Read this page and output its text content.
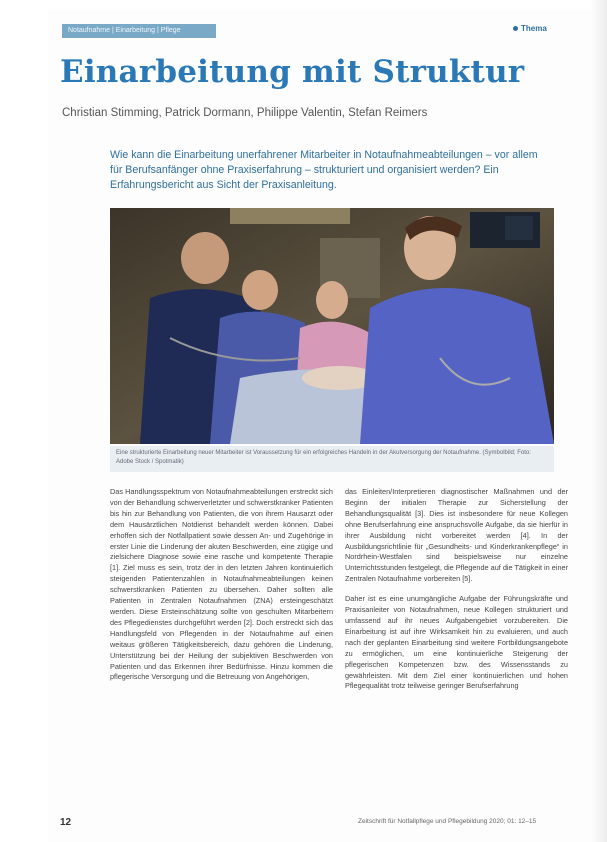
Notaufnahme | Einarbeitung | Pflege	Thema
Einarbeitung mit Struktur
Christian Stimming, Patrick Dormann, Philippe Valentin, Stefan Reimers
Wie kann die Einarbeitung unerfahrener Mitarbeiter in Notaufnahmeabteilungen – vor allem für Berufsanfänger ohne Praxiserfahrung – strukturiert und organisiert werden? Ein Erfahrungsbericht aus Sicht der Praxisanleitung.
Eine strukturierte Einarbeitung neuer Mitarbeiter ist Voraussetzung für ein erfolgreiches Handeln in der Akutversorgung der Notaufnahme. (Symbolbild; Foto: Adobe Stock / Spotmatik)

Das Handlungsspektrum von Notaufnahmeabteilungen erstreckt sich von der Behandlung schwerverletzter und schwerstkranker Patienten bis hin zur Behandlung von Patienten, die von ihrem Hausarzt oder dem Hausärztlichen Notdienst behandelt werden können. Dabei erhoffen sich der Notfallpatient sowie dessen An- und Zugehörige in erster Linie die Linderung der akuten Beschwerden, eine zügige und zielsichere Diagnose sowie eine rasche und kompetente Therapie [1]. Ziel muss es sein, trotz der in den letzten Jahren kontinuierlich steigenden Patientenzahlen in Notaufnahmeabteilungen keinen schwerstkranken Patienten zu übersehen. Daher sollten alle Patienten in Zentralen Notaufnahmen (ZNA) ersteingeschätzt werden. Diese Ersteinschätzung sollte von geschulten Mitarbeitern des Pflegedienstes durchgeführt werden [2]. Doch erstreckt sich das Handlungsfeld von Pflegenden in der Notaufnahme auf einen weitaus größeren Tätigkeitsbereich, dazu gehören die Linderung, Unterstützung bei der Heilung der subjektiven Beschwerden von Patienten und das Erkennen ihrer Bedürfnisse. Hinzu kommen die pflegerische Versorgung und die Betreuung von Angehörigen,

das Einleiten/Interpretieren diagnostischer Maßnahmen und der Beginn der initialen Therapie zur Sicherstellung der Behandlungsqualität [3]. Dies ist insbesondere für neue Kollegen ohne Berufserfahrung eine anspruchsvolle Aufgabe, da sie hierfür in ihrer Ausbildung nicht vorbereitet werden [4]. In der Ausbildungsrichtlinie für „Gesundheits- und Kinderkrankenpflege“ in Nordrhein-Westfalen sind beispielsweise nur einzelne Unterrichtsstunden festgelegt, die Pflegende auf die Tätigkeit in einer Zentralen Notaufnahme vorbereiten [5].

Daher ist es eine unumgängliche Aufgabe der Führungskräfte und Praxisanleiter von Notaufnahmen, neue Kollegen strukturiert und umfassend auf ihr neues Aufgabengebiet vorzubereiten. Die Einarbeitung ist auf ihre Wirksamkeit hin zu evaluieren, und auch nach der geplanten Einarbeitung sind weitere Fortbildungsangebote zu ermöglichen, um eine kontinuierliche Steigerung der pflegerischen Kompetenzen bzw. des Wissensstands zu gewährleisten. Mit dem Ziel einer kontinuierlichen und hohen Pflegequalität trotz teilweise geringer Berufserfahrung

12	Zeitschrift für Notfallpflege und Pflegebildung 2020; 01: 12–15
